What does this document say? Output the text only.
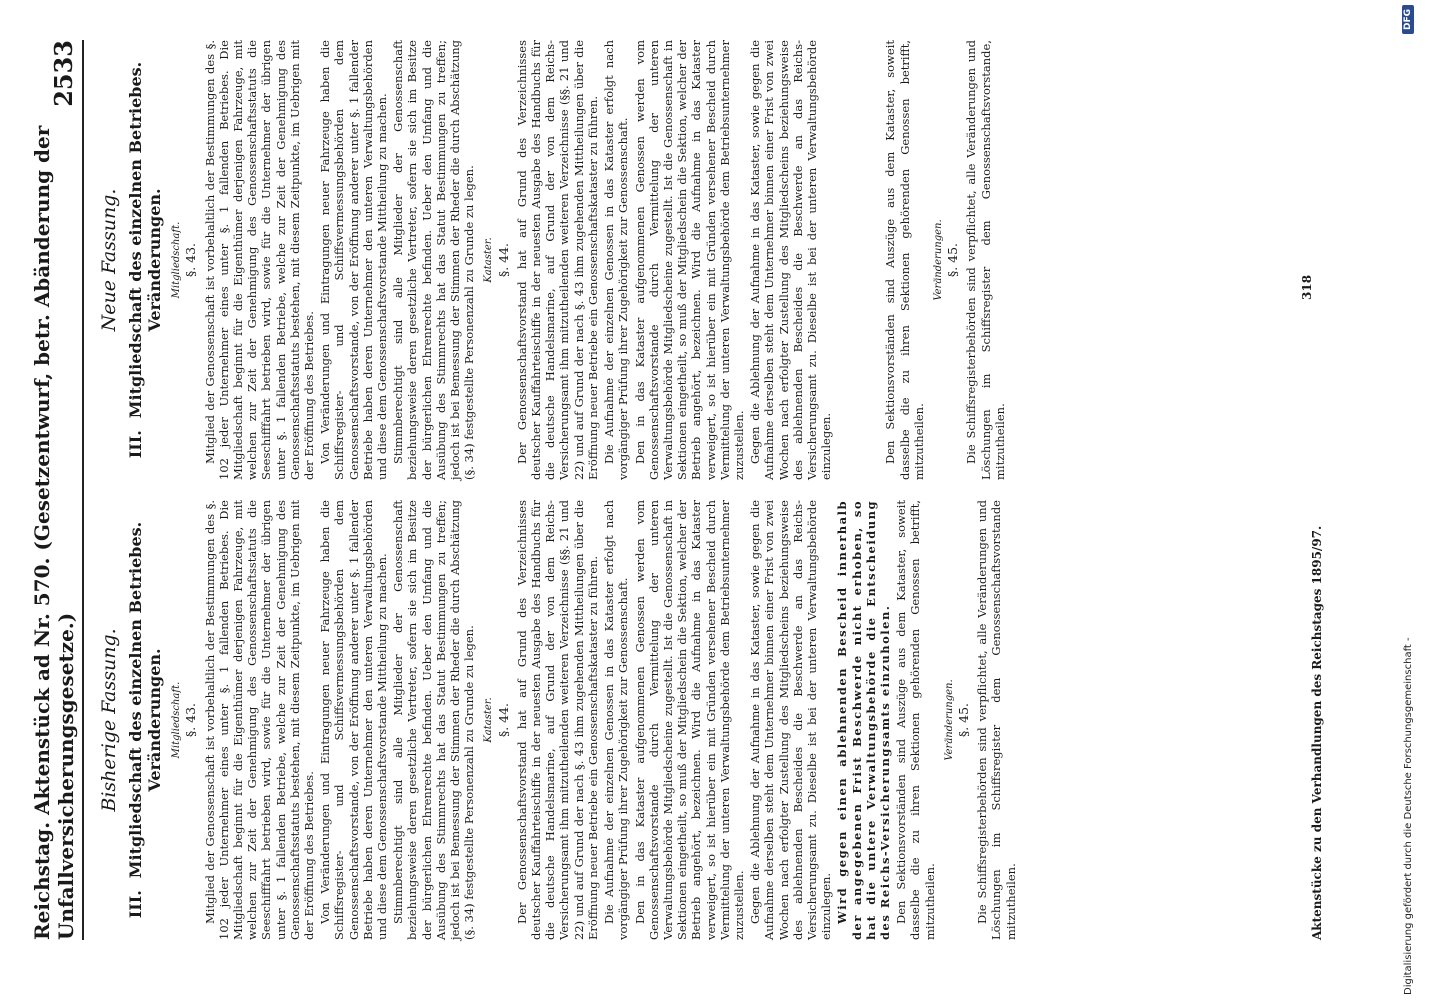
Reichstag. Aktenstück ad Nr. 570. (Gesetzentwurf, betr. Abänderung der Unfallversicherungsgesetze.)
2533
Bisherige Fassung.
III.Mitgliedschaft des einzelnen Betriebes. Veränderungen. Mitgliedschaft. §. 43. Mitglied der Genossenschaft ist vorbehaltlich der Bestimmungen des §. 102 jeder Unternehmer eines unter §. 1 fallenden Betriebes. Die Mitgliedschaft beginnt für die Eigenthümer derjenigen Fahrzeuge, mit welchen zur Zeit der Genehmigung des Genossenschaftsstatuts die Seeschifffahrt betrieben wird, sowie für die Unternehmer der übrigen unter §. 1 fallenden Betriebe, welche zur Zeit der Genehmigung des Genossenschaftsstatuts bestehen, mit diesem Zeitpunkte, im Uebrigen mit der Eröffnung des Betriebes. Von Veränderungen und Eintragungen neuer Fahrzeuge haben die Schiffsregister- und Schiffsvermessungsbehörden dem Genossenschaftsvorstande, von der Eröffnung anderer unter §. 1 fallender Betriebe haben deren Unternehmer den unteren Verwaltungsbehörden und diese dem Genossenschaftsvorstande Mittheilung zu machen. Stimmberechtigt sind alle Mitglieder der Genossenschaft beziehungsweise deren gesetzliche Vertreter, sofern sie sich im Besitze der bürgerlichen Ehrenrechte befinden. Ueber den Umfang und die Ausübung des Stimmrechts hat das Statut Bestimmungen zu treffen; jedoch ist bei Bemessung der Stimmen der Rheder die durch Abschätzung (§. 34) festgestellte Personenzahl zu Grunde zu legen. Kataster. §. 44. Der Genossenschaftsvorstand hat auf Grund des Verzeichnisses deutscher Kauffahrteischiffe in der neuesten Ausgabe des Handbuchs für die deutsche Handelsmarine, auf Grund der von dem Reichs-Versicherungsamt ihm mitzutheilenden weiteren Verzeichnisse (§§. 21 und 22) und auf Grund der nach §. 43 ihm zugehenden Mittheilungen über die Eröffnung neuer Betriebe ein Genossenschaftskataster zu führen. Die Aufnahme der einzelnen Genossen in das Kataster erfolgt nach vorgängiger Prüfung ihrer Zugehörigkeit zur Genossenschaft. Den in das Kataster aufgenommenen Genossen werden vom Genossenschaftsvorstande durch Vermittelung der unteren Verwaltungsbehörde Mitgliedscheine zugestellt. Ist die Genossenschaft in Sektionen eingetheilt, so muß der Mitgliedschein die Sektion, welcher der Betrieb angehört, bezeichnen. Wird die Aufnahme in das Kataster verweigert, so ist hierüber ein mit Gründen versehener Bescheid durch Vermittelung der unteren Verwaltungsbehörde dem Betriebsunternehmer zuzustellen. Gegen die Ablehnung der Aufnahme in das Kataster, sowie gegen die Aufnahme derselben steht dem Unternehmer binnen einer Frist von zwei Wochen nach erfolgter Zustellung des Mitgliedscheins beziehungsweise des ablehnenden Bescheides die Beschwerde an das Reichs-Versicherungsamt zu. Dieselbe ist bei der unteren Verwaltungsbehörde einzulegen. Wird gegen einen ablehnenden Bescheid innerhalb der angegebenen Frist Beschwerde nicht erhoben, so hat die untere Verwaltungsbehörde die Entscheidung des Reichs-Versicherungsamts einzuholen. Den Sektionsvorständen sind Auszüge aus dem Kataster, soweit dasselbe die zu ihren Sektionen gehörenden Genossen betrifft, mitzutheilen.

Veränderungen. §. 45. Die Schiffsregisterbehörden sind verpflichtet, alle Veränderungen und Löschungen im Schiffsregister dem Genossenschaftsvorstande mitzutheilen.

Neue Fassung.
III.Mitgliedschaft des einzelnen Betriebes. Veränderungen. Mitgliedschaft. §. 43. Mitglied der Genossenschaft ist vorbehaltlich der Bestimmungen des §. 102 jeder Unternehmer eines unter §. 1 fallenden Betriebes. Die Mitgliedschaft beginnt für die Eigenthümer derjenigen Fahrzeuge, mit welchen zur Zeit der Genehmigung des Genossenschaftsstatuts die Seeschifffahrt betrieben wird, sowie für die Unternehmer der übrigen unter §. 1 fallenden Betriebe, welche zur Zeit der Genehmigung des Genossenschaftsstatuts bestehen, mit diesem Zeitpunkte, im Uebrigen mit der Eröffnung des Betriebes. Von Veränderungen und Eintragungen neuer Fahrzeuge haben die Schiffsregister- und Schiffsvermessungsbehörden dem Genossenschaftsvorstande, von der Eröffnung anderer unter §. 1 fallender Betriebe haben deren Unternehmer den unteren Verwaltungsbehörden und diese dem Genossenschaftsvorstande Mittheilung zu machen. Stimmberechtigt sind alle Mitglieder der Genossenschaft beziehungsweise deren gesetzliche Vertreter, sofern sie sich im Besitze der bürgerlichen Ehrenrechte befinden. Ueber den Umfang und die Ausübung des Stimmrechts hat das Statut Bestimmungen zu treffen; jedoch ist bei Bemessung der Stimmen der Rheder die durch Abschätzung (§. 34) festgestellte Personenzahl zu Grunde zu legen. Kataster. §. 44. Der Genossenschaftsvorstand hat auf Grund des Verzeichnisses deutscher Kauffahrteischiffe in der neuesten Ausgabe des Handbuchs für die deutsche Handelsmarine, auf Grund der von dem Reichs-Versicherungsamt ihm mitzutheilenden weiteren Verzeichnisse (§§. 21 und 22) und auf Grund der nach §. 43 ihm zugehenden Mittheilungen über die Eröffnung neuer Betriebe ein Genossenschaftskataster zu führen. Die Aufnahme der einzelnen Genossen in das Kataster erfolgt nach vorgängiger Prüfung ihrer Zugehörigkeit zur Genossenschaft. Den in das Kataster aufgenommenen Genossen werden vom Genossenschaftsvorstande durch Vermittelung der unteren Verwaltungsbehörde Mitgliedscheine zugestellt. Ist die Genossenschaft in Sektionen eingetheilt, so muß der Mitgliedschein die Sektion, welcher der Betrieb angehört, bezeichnen. Wird die Aufnahme in das Kataster verweigert, so ist hierüber ein mit Gründen versehener Bescheid durch Vermittelung der unteren Verwaltungsbehörde dem Betriebsunternehmer zuzustellen. Gegen die Ablehnung der Aufnahme in das Kataster, sowie gegen die Aufnahme derselben steht dem Unternehmer binnen einer Frist von zwei Wochen nach erfolgter Zustellung des Mitgliedscheins beziehungsweise des ablehnenden Bescheides die Beschwerde an das Reichs-Versicherungsamt zu. Dieselbe ist bei der unteren Verwaltungsbehörde einzulegen.	Den Sektionsvorständen sind Auszüge aus dem Kataster, soweit dasselbe die zu ihren Sektionen gehörenden Genossen betrifft, mitzutheilen.

Veränderungen. §. 45. Die Schiffsregisterbehörden sind verpflichtet, alle Veränderungen und Löschungen im Schiffsregister dem Genossenschaftsvorstande, mitzutheilen.

Aktenstücke zu den Verhandlungen des Reichstages 1895/97.
318
Digitalisierung gefördert durch die Deutsche Forschungsgemeinschaft -
DFG
